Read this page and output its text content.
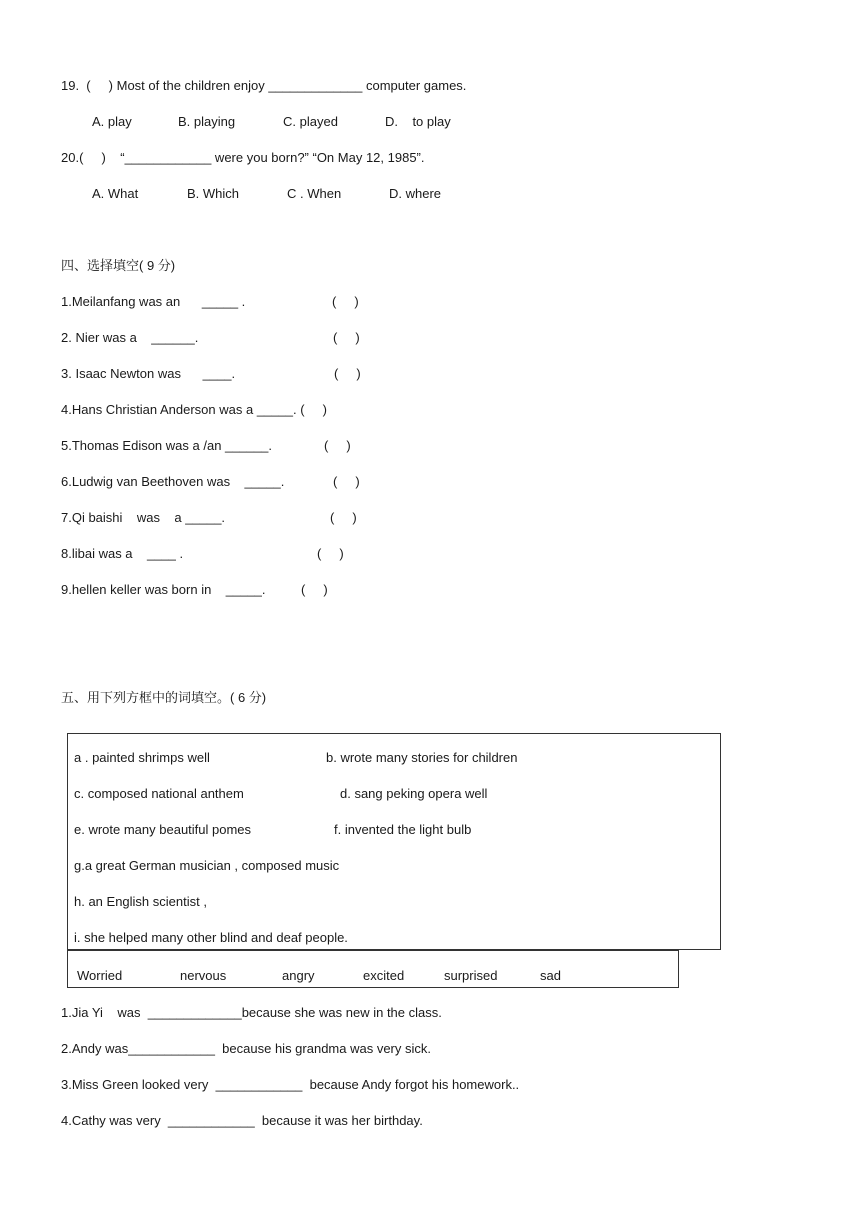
19.  (     ) Most of the children enjoy _____________ computer games.
A. play	B. playing	C. played	D.    to play
20.(     )    “____________ were you born?” “On May 12, 1985”.
A. What	B. Which	C . When	D. where
四、选择填空( 9 分)
1.Meilanfang was an      _____ .	(     )
2. Nier was a    ______.	(     )
3. Isaac Newton was      ____.	(     )
4.Hans Christian Anderson was a _____. (     )
5.Thomas Edison was a /an ______.	(     )
6.Ludwig van Beethoven was    _____.	(     )
7.Qi baishi    was    a _____.	(     )
8.libai was a    ____ .	(     )
9.hellen keller was born in    _____.	(     )
五、用下列方框中的词填空。( 6 分)
a . painted shrimps well	b. wrote many stories for children
c. composed national anthem	d. sang peking opera well
e. wrote many beautiful pomes	f. invented the light bulb
g.a great German musician , composed music
h. an English scientist ,
i. she helped many other blind and deaf people.
Worried	nervous	angry	excited	surprised	sad
1.Jia Yi    was  _____________because she was new in the class.
2.Andy was____________  because his grandma was very sick.
3.Miss Green looked very  ____________  because Andy forgot his homework..
4.Cathy was very  ____________  because it was her birthday.
